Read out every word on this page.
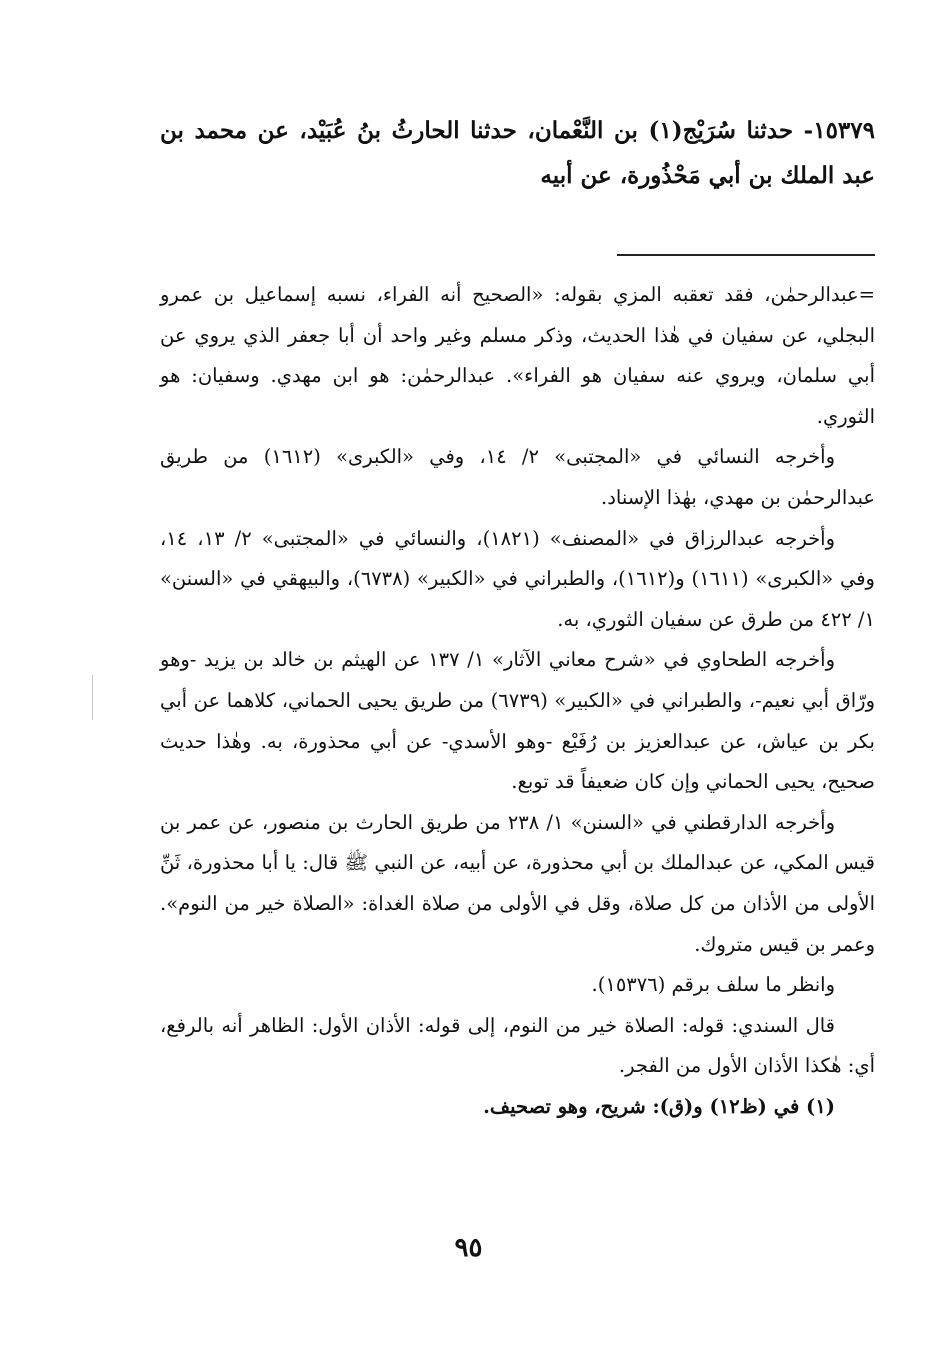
١٥٣٧٩- حدثنا سُرَيْج(١) بن النَّعْمان، حدثنا الحارثُ بنُ عُبَيْد، عن محمد بن عبد الملك بن أبي مَحْذُورة، عن أبيه

=عبدالرحمٰن، فقد تعقبه المزي بقوله: «الصحيح أنه الفراء، نسبه إسماعيل بن عمرو البجلي، عن سفيان في هٰذا الحديث، وذكر مسلم وغير واحد أن أبا جعفر الذي يروي عن أبي سلمان، ويروي عنه سفيان هو الفراء». عبدالرحمٰن: هو ابن مهدي. وسفيان: هو الثوري.

وأخرجه النسائي في «المجتبى» ٢/ ١٤، وفي «الكبرى» (١٦١٢) من طريق عبدالرحمٰن بن مهدي، بهٰذا الإسناد.

وأخرجه عبدالرزاق في «المصنف» (١٨٢١)، والنسائي في «المجتبى» ٢/ ١٣، ١٤، وفي «الكبرى» (١٦١١) و(١٦١٢)، والطبراني في «الكبير» (٦٧٣٨)، والبيهقي في «السنن» ١/ ٤٢٢ من طرق عن سفيان الثوري، به.

وأخرجه الطحاوي في «شرح معاني الآثار» ١/ ١٣٧ عن الهيثم بن خالد بن يزيد -وهو ورّاق أبي نعيم-، والطبراني في «الكبير» (٦٧٣٩) من طريق يحيى الحماني، كلاهما عن أبي بكر بن عياش، عن عبدالعزيز بن رُفَيْع -وهو الأسدي- عن أبي محذورة، به. وهٰذا حديث صحيح، يحيى الحماني وإن كان ضعيفاً قد توبع.

وأخرجه الدارقطني في «السنن» ١/ ٢٣٨ من طريق الحارث بن منصور، عن عمر بن قيس المكي، عن عبدالملك بن أبي محذورة، عن أبيه، عن النبي ﷺ قال: يا أبا محذورة، ثَنِّ الأولى من الأذان من كل صلاة، وقل في الأولى من صلاة الغداة: «الصلاة خير من النوم». وعمر بن قيس متروك.

وانظر ما سلف برقم (١٥٣٧٦).

قال السندي: قوله: الصلاة خير من النوم، إلى قوله: الأذان الأول: الظاهر أنه بالرفع، أي: هٰكذا الأذان الأول من الفجر.

(١) في (ظ١٢) و(ق): شريح، وهو تصحيف.

٩٥
